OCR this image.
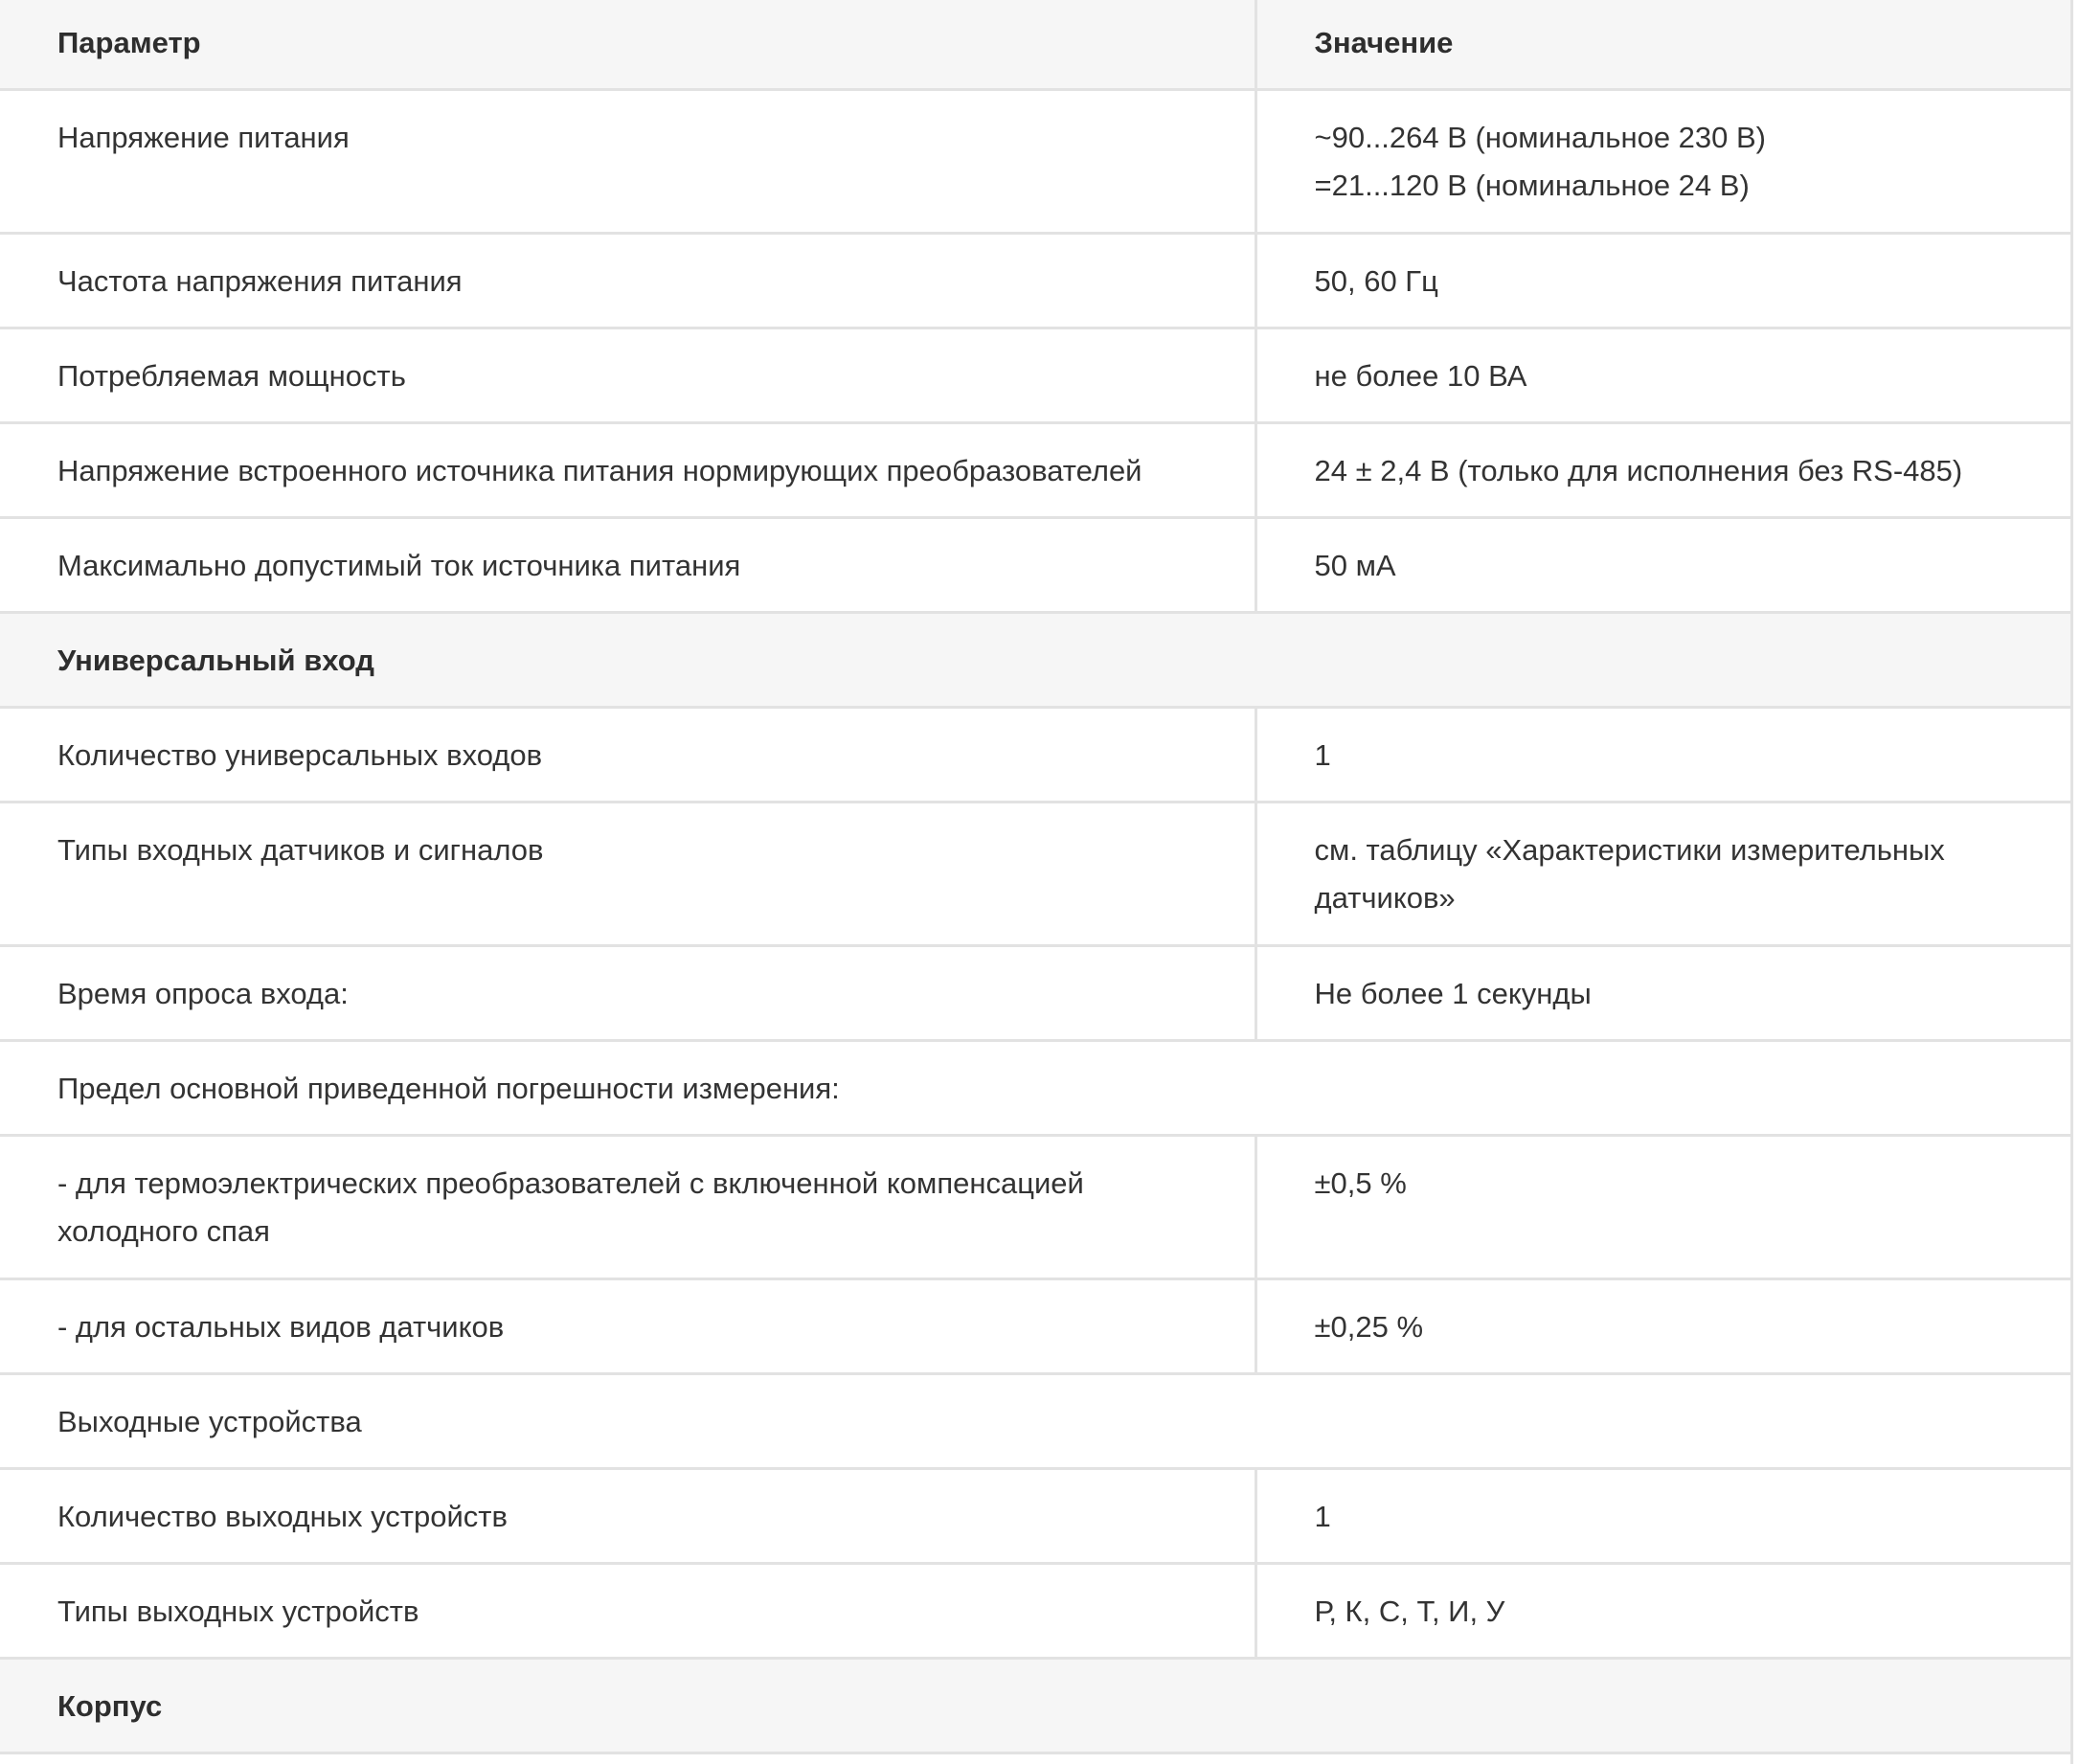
Параметр	Значение
Напряжение питания	~90...264 В (номинальное 230 В)
=21...120 В (номинальное 24 В)

Частота напряжения питания	50, 60 Гц
Потребляемая мощность	не более 10 ВА
Напряжение встроенного источника питания нормирующих преобразователей	24 ± 2,4 В (только для исполнения без RS-485)
Максимально допустимый ток источника питания	50 мА
Универсальный вход	
Количество универсальных входов	1
Типы входных датчиков и сигналов	см. таблицу «Характеристики измерительных
датчиков»

Время опроса входа:	Не более 1 секунды
Предел основной приведенной погрешности измерения:	

- для термоэлектрических преобразователей с включенной компенсацией
холодного спая	±0,5 %
- для остальных видов датчиков	±0,25 %
Выходные устройства	
Количество выходных устройств	1
Типы выходных устройств	Р, К, С, Т, И, У
Корпус	
